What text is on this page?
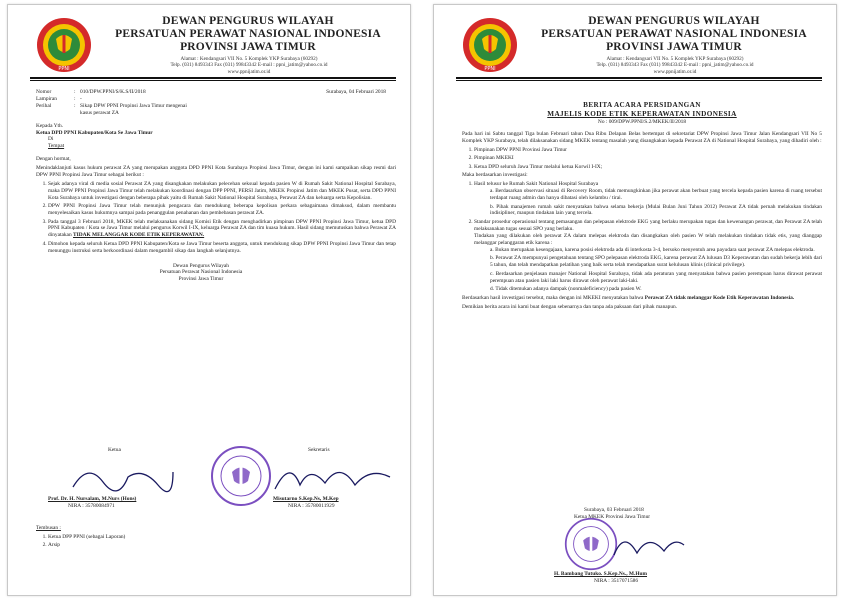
PPNI
DEWAN PENGURUS WILAYAH
PERSATUAN PERAWAT NASIONAL INDONESIA
PROVINSI JAWA TIMUR
Alamat : Kendangsari VII No. 5 Komplek YKP Surabaya (60292)
Telp. (031) 8493343 Fax (031) 99843342 E-mail : ppni_jatim@yahoo.co.id
www.ppnijatim.or.id
Nomor	: 010/DPW.PPNI/S/K.S/II/2018
Lampiran	: -
Perihal	: Sikap DPW PPNI Propinsi Jawa Timur mengenai kasus perawat ZA
Surabaya, 04 Februari 2018
Kepada Yth.
Ketua DPD PPNI Kabupaten/Kota Se Jawa Timur
Di
Tempat

Dengan hormat,

Menindaklanjuti kasus hukum perawat ZA yang merupakan anggota DPD PPNI Kota Surabaya Propinsi Jawa Timur, dengan ini kami sampaikan sikap resmi dari DPW PPNI Propinsi Jawa Timur sebagai berikut :

1. Sejak adanya viral di media sosial Perawat ZA yang disangkakan melakukan pelecehan seksual kepada pasien W di Rumah Sakit National Hospital Surabaya, maka DPW PPNI Propinsi Jawa Timur telah melakukan koordinasi dengan DPP PPNI, PERSI Jatim, MKEK Propinsi Jatim dan MKEK Pusat, serta DPD PPNI Kota Surabaya untuk investigasi dengan beberapa pihak yaitu di Rumah Sakit National Hospital Surabaya, Perawat ZA dan keluarga serta Kepolisian.
2. DPW PPNI Propinsi Jawa Timur telah menunjuk pengacara dan mendukung beberapa kepolisan perkara sebagaimana dimaksud, dalam membantu menyelesaikan kasus hukumnya sampai pada penanggulan penahanan dan pembebasan perawat ZA.
3. Pada tanggal 3 Februari 2018, MKEK telah melaksanakan sidang Komisi Etik dengan menghadirkan pimpinan DPW PPNI Propinsi Jawa Timur, ketua DPD PPNI Kabupaten / Kota se Jawa Timur melalui pengurus Korwil I-IX, keluarga Perawat ZA dan tim kuasa hukum. Hasil sidang memutuskan bahwa Perawat ZA dinyatakan TIDAK MELANGGAR KODE ETIK KEPERAWATAN.
4. Dimohon kepada seluruh Ketua DPD PPNI Kabupaten/Kota se Jawa Timur beserta anggota, untuk mendukung sikap DPW PPNI Propinsi Jawa Timur dan tetap menunggu instruksi serta berkoordinasi dalam mengambil sikap dan langkah selanjutnya.
Dewan Pengurus Wilayah
Persatuan Perawat Nasional Indonesia
Provinsi Jawa Timur
Ketua	Sekretaris
Prof. Dr. H. Nursalam, M.Nurs (Hons)
NIRA : 35780084971
Misutarno S.Kep.Ns, M.Kep
NIRA : 35780011929
Tembusan :
1. Ketua DPP PPNI (sebagai Laporan)
2. Arsip
PPNI
DEWAN PENGURUS WILAYAH
PERSATUAN PERAWAT NASIONAL INDONESIA
PROVINSI JAWA TIMUR
Alamat : Kendangsari VII No. 5 Komplek YKP Surabaya (60292)
Telp. (031) 8493343 Fax (031) 99843342 E-mail : ppni_jatim@yahoo.co.id
www.ppnijatim.or.id
BERITA ACARA PERSIDANGAN
MAJELIS KODE ETIK KEPERAWATAN INDONESIA
No : 009/DPW.PPNI/S.2/MKEK/II/2018

Pada hari ini Sabtu tanggal Tiga bulan Februari tahun Dua Ribu Delapan Belas bertempat di sekretariat DPW Propinsi Jawa Timur Jalan Kendangsari VII No 5 Komplek YKP Surabaya, telah dilaksanakan sidang MKEK tentang masalah yang disangkakan kepada Perawat ZA di National Hospital Surabaya, yang dihadiri oleh :

1. Pimpinan DPW PPNI Provinsi Jawa Timur
2. Pimpinan MKEKI
3. Ketua DPD seluruh Jawa Timur melalui ketua Korwil I-IX;

Maka berdasarkan investigasi:

1. Hasil telusur ke Rumah Sakit National Hospital Surabaya
a. Berdasarkan observasi situasi di Recovery Room, tidak memungkinkan jika perawat akan berbuat yang tercela kepada pasien karena di ruang tersebut terdapat ruang admin dan hanya dibatasi oleh kelambu / tirai.
b. Pihak manajemen rumah sakit menyatakan bahwa selama bekerja (Mulai Bulan Juni Tahun 2012) Perawat ZA tidak pernah melakukan tindakan indisipliner, maupun tindakan lain yang tercela.
2. Standar prosedur operasional tentang pemasangan dan pelepasan elektrode EKG yang berlaku merupakan tugas dan kewenangan perawat, dan Perawat ZA telah melaksanakan tugas sesuai SPO yang berlaku.
Tindakan yang dilakukan oleh perawat ZA dalam melepas elektroda dan disangkakan oleh pasien W telah melakukan tindakan tidak etis, yang dianggap melanggar pelanggaran etik karena :
a. Bukan merupakan kesengajaan, karena posisi elektroda ada di interkosta 3-4, bersoko menyentuh area payudara saat perawat ZA melepas elektroda.
b. Perawat ZA mempunyai pengetahuan tentang SPO pelepasan elektroda EKG, karena perawat ZA lulusan D3 Keperawatan dan sudah bekerja lebih dari 5 tahun, dan telah mendapatkan pelatihan yang baik serta telah mendapatkan surat kelulusan klinis (clinical privilege).
c. Berdasarkan penjelasan manajer National Hospital Surabaya, tidak ada peraturan yang menyatakan bahwa pasien perempuan harus dirawat perawat perempuan atau pasien laki laki harus dirawat oleh perawat laki-laki.
d. Tidak ditemukan adanya dampak (nonmaleficiency) pada pasien W.

Berdasarkan hasil investigasi tersebut, maka dengan ini MKEKI menyatakan bahwa Perawat ZA tidak melanggar Kode Etik Keperawatan Indonesia.

Demikian berita acara ini kami buat dengan sebenarnya dan tanpa ada paksaan dari pihak manapun.

Surabaya, 03 Februari 2018
Ketua MKEK Provinsi Jawa Timur
H. Bambang Tutuko. S.Kep.Ns., M.Hum
NIRA : 3517071586
